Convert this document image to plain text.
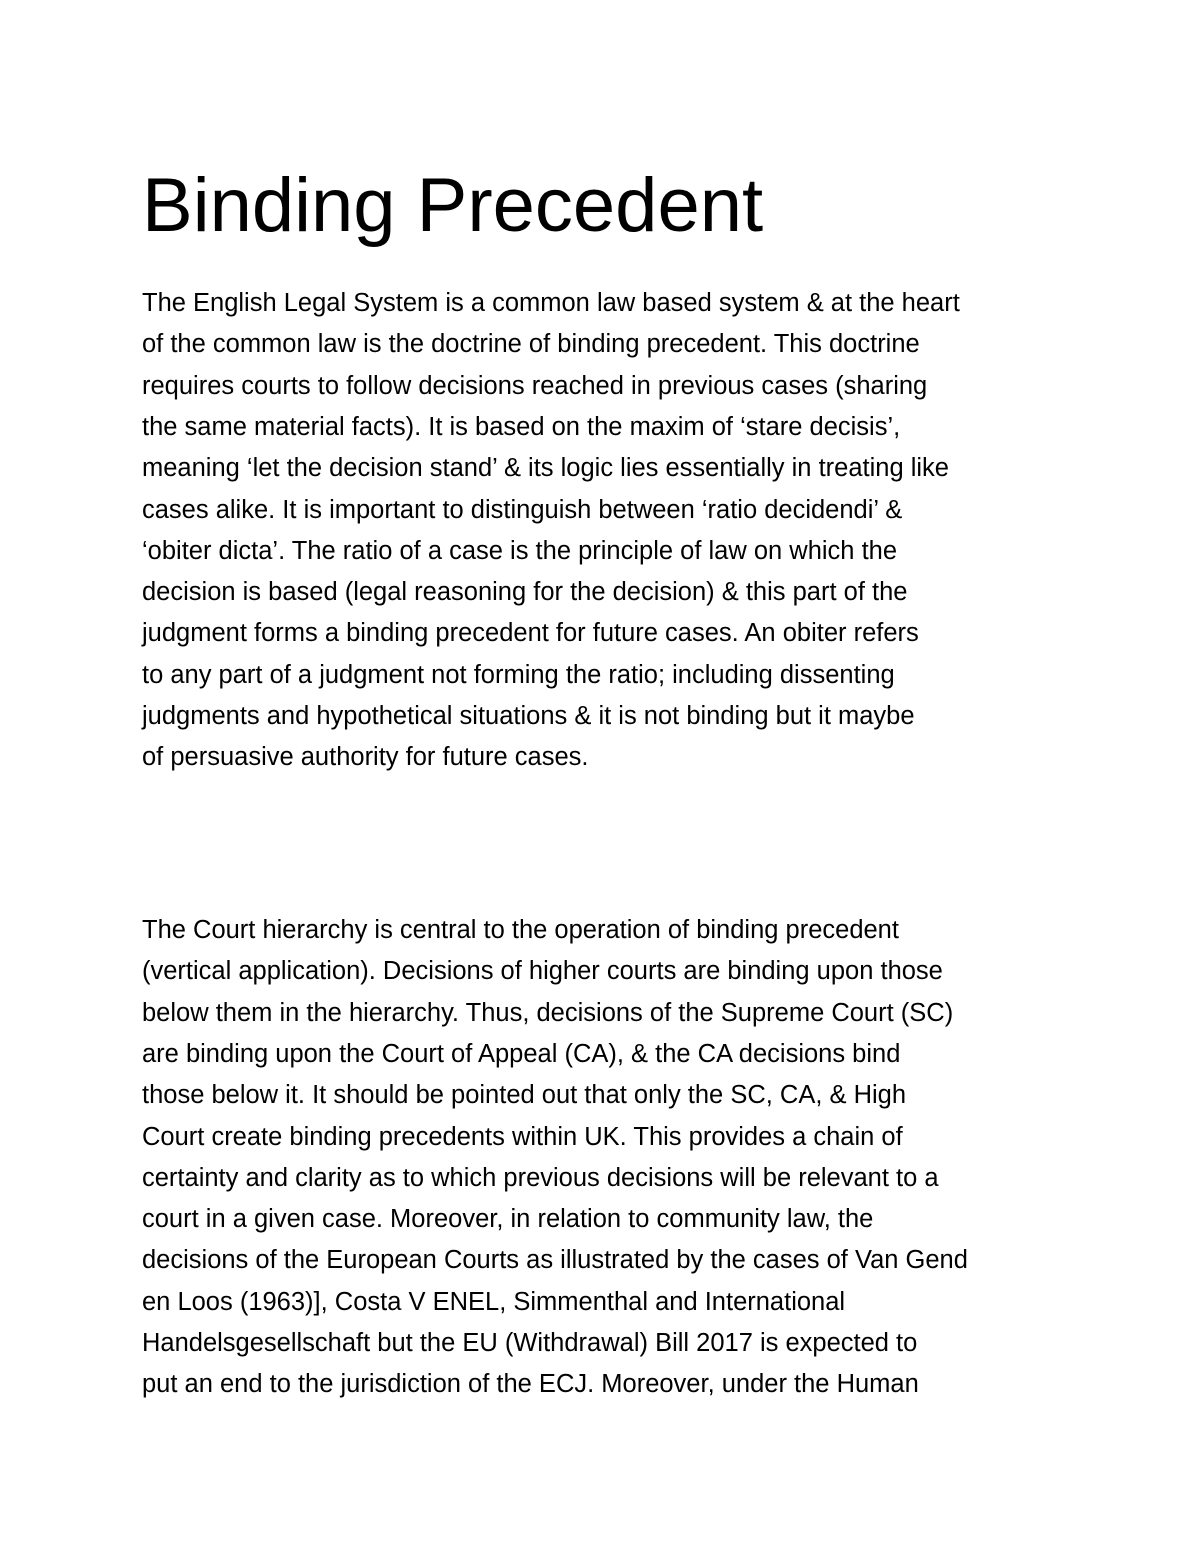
Binding Precedent
The English Legal System is a common law based system & at the heart
of the common law is the doctrine of binding precedent. This doctrine
requires courts to follow decisions reached in previous cases (sharing
the same material facts). It is based on the maxim of ‘stare decisis’,
meaning ‘let the decision stand’ & its logic lies essentially in treating like
cases alike. It is important to distinguish between ‘ratio decidendi’ &
‘obiter dicta’. The ratio of a case is the principle of law on which the
decision is based (legal reasoning for the decision) & this part of the
judgment forms a binding precedent for future cases. An obiter refers
to any part of a judgment not forming the ratio; including dissenting
judgments and hypothetical situations & it is not binding but it maybe
of persuasive authority for future cases.
The Court hierarchy is central to the operation of binding precedent
(vertical application). Decisions of higher courts are binding upon those
below them in the hierarchy. Thus, decisions of the Supreme Court (SC)
are binding upon the Court of Appeal (CA), & the CA decisions bind
those below it. It should be pointed out that only the SC, CA, & High
Court create binding precedents within UK. This provides a chain of
certainty and clarity as to which previous decisions will be relevant to a
court in a given case. Moreover, in relation to community law, the
decisions of the European Courts as illustrated by the cases of Van Gend
en Loos (1963)], Costa V ENEL, Simmenthal and International
Handelsgesellschaft but the EU (Withdrawal) Bill 2017 is expected to
put an end to the jurisdiction of the ECJ. Moreover, under the Human
